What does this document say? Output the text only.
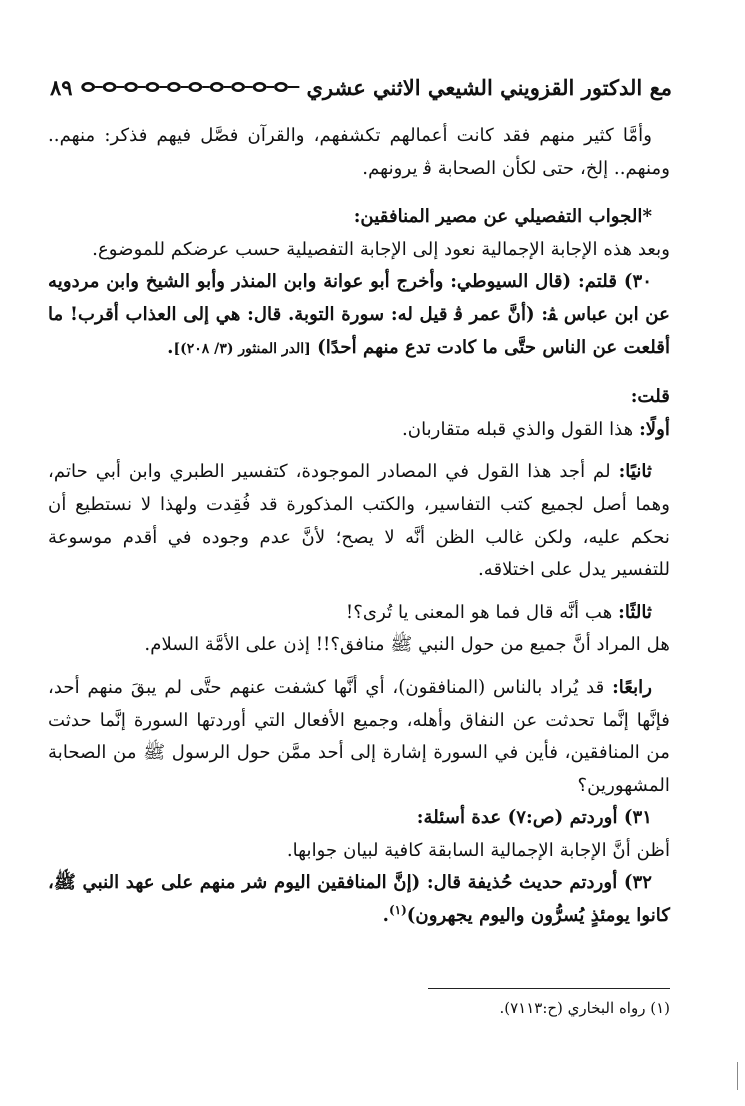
٨٩	مع الدكتور القزويني الشيعي الاثني عشري

وأمَّا كثير منهم فقد كانت أعمالهم تكشفهم، والقرآن فصَّل فيهم فذكر: منهم.. ومنهم.. إلخ، حتى لكأن الصحابة ﭬ يرونهم.

*الجواب التفصيلي عن مصير المنافقين:

وبعد هذه الإجابة الإجمالية نعود إلى الإجابة التفصيلية حسب عرضكم للموضوع.

٣٠) قلتم: (قال السيوطي: وأخرج أبو عوانة وابن المنذر وأبو الشيخ وابن مردويه عن ابن عباس ﭭ: (أنَّ عمر ﭬ قيل له: سورة التوبة. قال: هي إلى العذاب أقرب! ما أقلعت عن الناس حتَّى ما كادت تدع منهم أحدًا) [الدر المنثور (٣/ ٢٠٨)].

قلت:

أولًا: هذا القول والذي قبله متقاربان.

ثانيًا: لم أجد هذا القول في المصادر الموجودة، كتفسير الطبري وابن أبي حاتم، وهما أصل لجميع كتب التفاسير، والكتب المذكورة قد فُقِدت ولهذا لا نستطيع أن نحكم عليه، ولكن غالب الظن أنَّه لا يصح؛ لأنَّ عدم وجوده في أقدم موسوعة للتفسير يدل على اختلاقه.

ثالثًا: هب أنَّه قال فما هو المعنى يا تُرى؟!

هل المراد أنَّ جميع من حول النبي ﷺ منافق؟!! إذن على الأمَّة السلام.

رابعًا: قد يُراد بالناس (المنافقون)، أي أنَّها كشفت عنهم حتَّى لم يبقَ منهم أحد، فإنَّها إنَّما تحدثت عن النفاق وأهله، وجميع الأفعال التي أوردتها السورة إنَّما حدثت من المنافقين، فأين في السورة إشارة إلى أحد ممَّن حول الرسول ﷺ من الصحابة المشهورين؟

٣١) أوردتم (ص:٧) عدة أسئلة:

أظن أنَّ الإجابة الإجمالية السابقة كافية لبيان جوابها.

٣٢) أوردتم حديث حُذيفة قال: (إنَّ المنافقين اليوم شر منهم على عهد النبي ﷺ، كانوا يومئذٍ يُسرُّون واليوم يجهرون)$^{(١)}$.

(١) رواه البخاري (ح:٧١١٣).
